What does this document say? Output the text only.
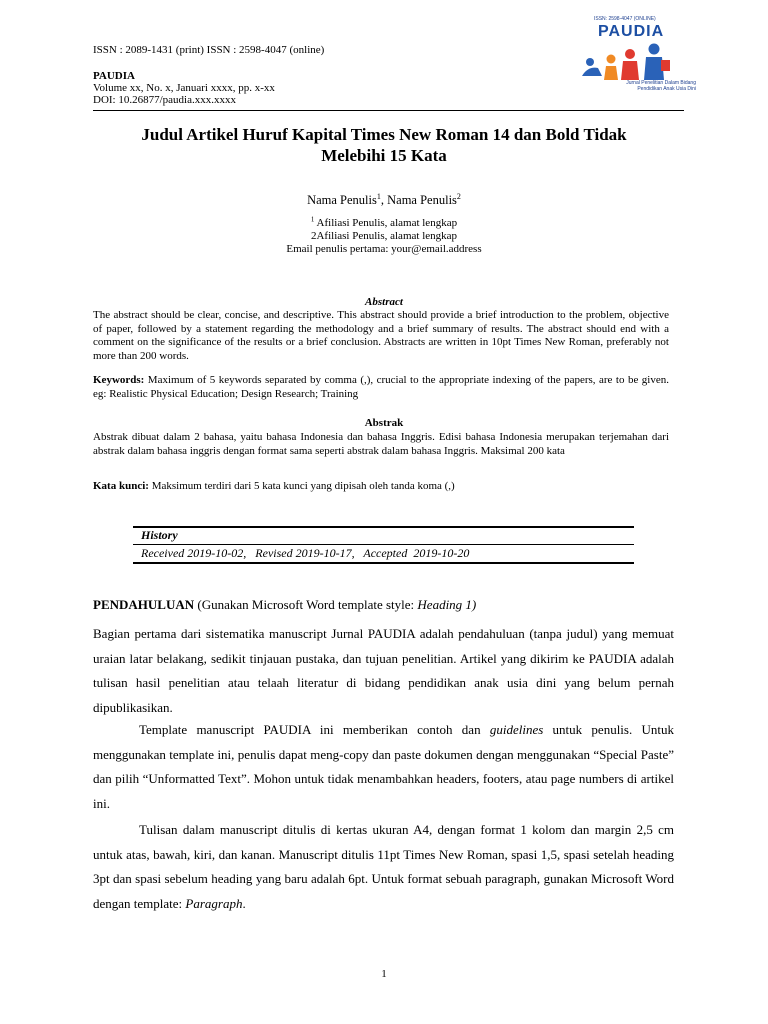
ISSN : 2089-1431 (print) ISSN : 2598-4047 (online)
PAUDIA
Volume xx, No. x, Januari xxxx, pp. x-xx
DOI: 10.26877/paudia.xxx.xxxx
ISSN: 2598-4047 (ONLINE)
PAUDIA
Jurnal Penelitian Dalam Bidang
Pendidikan Anak Usia Dini
Judul Artikel Huruf Kapital Times New Roman 14 dan Bold Tidak
Melebihi 15 Kata
Nama Penulis$^1$, Nama Penulis$^2$
$^1$ Afiliasi Penulis, alamat lengkap
2Afiliasi Penulis, alamat lengkap
Email penulis pertama: your@email.address
Abstract
The abstract should be clear, concise, and descriptive. This abstract should provide a brief introduction to the problem, objective of paper, followed by a statement regarding the methodology and a brief summary of results. The abstract should end with a comment on the significance of the results or a brief conclusion. Abstracts are written in 10pt Times New Roman, preferably not more than 200 words.
Keywords: Maximum of 5 keywords separated by comma (,), crucial to the appropriate indexing of the papers, are to be given. eg: Realistic Physical Education; Design Research; Training
Abstrak
Abstrak dibuat dalam 2 bahasa, yaitu bahasa Indonesia dan bahasa Inggris. Edisi bahasa Indonesia merupakan terjemahan dari abstrak dalam bahasa inggris dengan format sama seperti abstrak dalam bahasa Inggris. Maksimal 200 kata
Kata kunci: Maksimum terdiri dari 5 kata kunci yang dipisah oleh tanda koma (,)
History
Received 2019-10-02,   Revised 2019-10-17,   Accepted  2019-10-20
PENDAHULUAN (Gunakan Microsoft Word template style: Heading 1)
Bagian pertama dari sistematika manuscript Jurnal PAUDIA adalah pendahuluan (tanpa judul) yang memuat uraian latar belakang, sedikit tinjauan pustaka, dan tujuan penelitian. Artikel yang dikirim ke PAUDIA adalah tulisan hasil penelitian atau telaah literatur di bidang pendidikan anak usia dini yang belum pernah dipublikasikan.
Template manuscript PAUDIA ini memberikan contoh dan guidelines untuk penulis. Untuk menggunakan template ini, penulis dapat meng-copy dan paste dokumen dengan menggunakan “Special Paste” dan pilih “Unformatted Text”. Mohon untuk tidak menambahkan headers, footers, atau page numbers di artikel ini.
Tulisan dalam manuscript ditulis di kertas ukuran A4, dengan format 1 kolom dan margin 2,5 cm untuk atas, bawah, kiri, dan kanan. Manuscript ditulis 11pt Times New Roman, spasi 1,5, spasi setelah heading 3pt dan spasi sebelum heading yang baru adalah 6pt. Untuk format sebuah paragraph, gunakan Microsoft Word dengan template: Paragraph.
1
